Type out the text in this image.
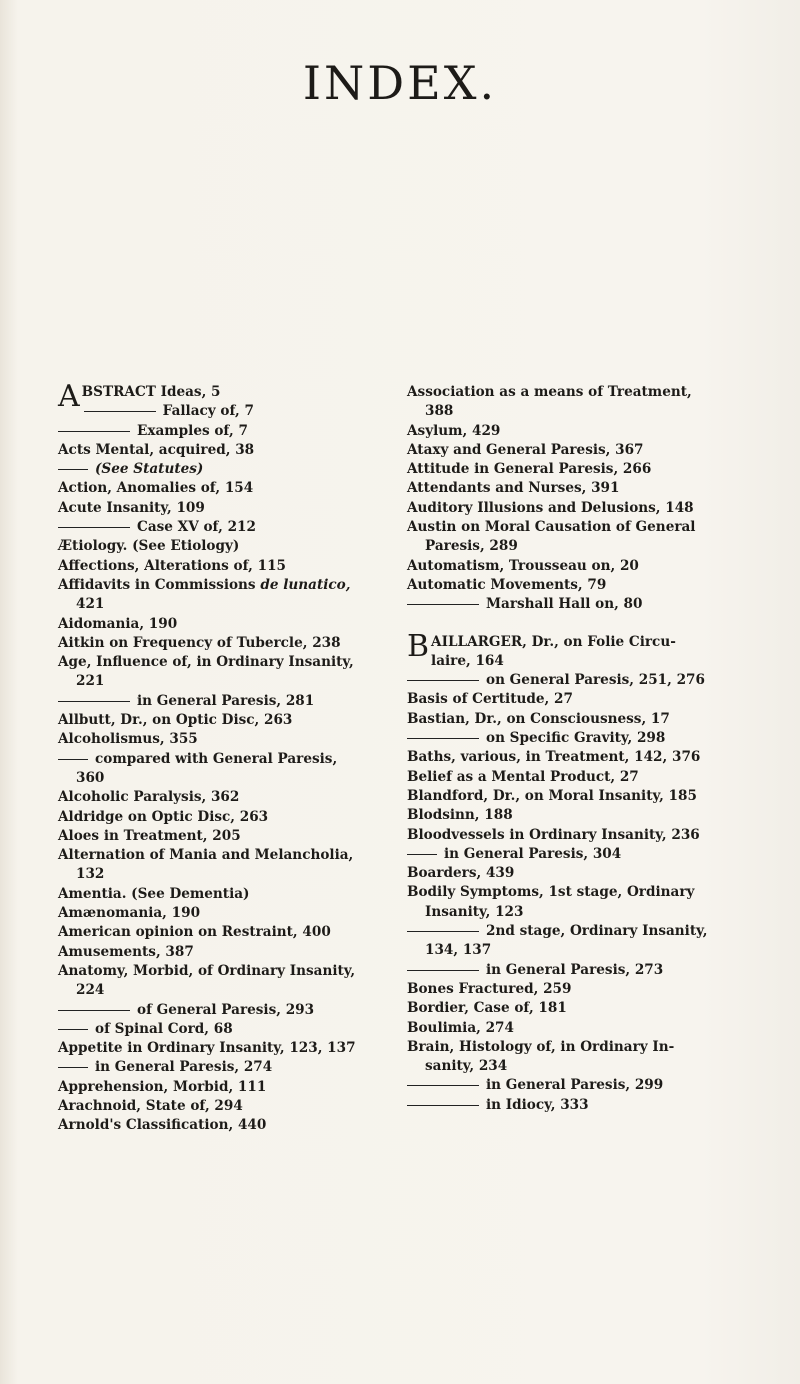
INDEX.
ABSTRACT Ideas, 5
Fallacy of, 7
Examples of, 7
Acts Mental, acquired, 38
(See Statutes)
Action, Anomalies of, 154
Acute Insanity, 109
Case XV of, 212
Ætiology. (See Etiology)
Affections, Alterations of, 115
Affidavits in Commissions de lunatico,
421
Aidomania, 190
Aitkin on Frequency of Tubercle, 238
Age, Influence of, in Ordinary Insanity,
221
in General Paresis, 281
Allbutt, Dr., on Optic Disc, 263
Alcoholismus, 355
compared with General Paresis,
360
Alcoholic Paralysis, 362
Aldridge on Optic Disc, 263
Aloes in Treatment, 205
Alternation of Mania and Melancholia,
132
Amentia. (See Dementia)
Amænomania, 190
American opinion on Restraint, 400
Amusements, 387
Anatomy, Morbid, of Ordinary Insanity,
224
of General Paresis, 293
of Spinal Cord, 68
Appetite in Ordinary Insanity, 123, 137
in General Paresis, 274
Apprehension, Morbid, 111
Arachnoid, State of, 294
Arnold's Classification, 440
Association as a means of Treatment,
388
Asylum, 429
Ataxy and General Paresis, 367
Attitude in General Paresis, 266
Attendants and Nurses, 391
Auditory Illusions and Delusions, 148
Austin on Moral Causation of General
Paresis, 289
Automatism, Trousseau on, 20
Automatic Movements, 79
Marshall Hall on, 80
BAILLARGER, Dr., on Folie Circu-
laire, 164
on General Paresis, 251, 276
Basis of Certitude, 27
Bastian, Dr., on Consciousness, 17
on Specific Gravity, 298
Baths, various, in Treatment, 142, 376
Belief as a Mental Product, 27
Blandford, Dr., on Moral Insanity, 185
Blodsinn, 188
Bloodvessels in Ordinary Insanity, 236
in General Paresis, 304
Boarders, 439
Bodily Symptoms, 1st stage, Ordinary
Insanity, 123
2nd stage, Ordinary Insanity,
134, 137
in General Paresis, 273
Bones Fractured, 259
Bordier, Case of, 181
Boulimia, 274
Brain, Histology of, in Ordinary In-
sanity, 234
in General Paresis, 299
in Idiocy, 333
